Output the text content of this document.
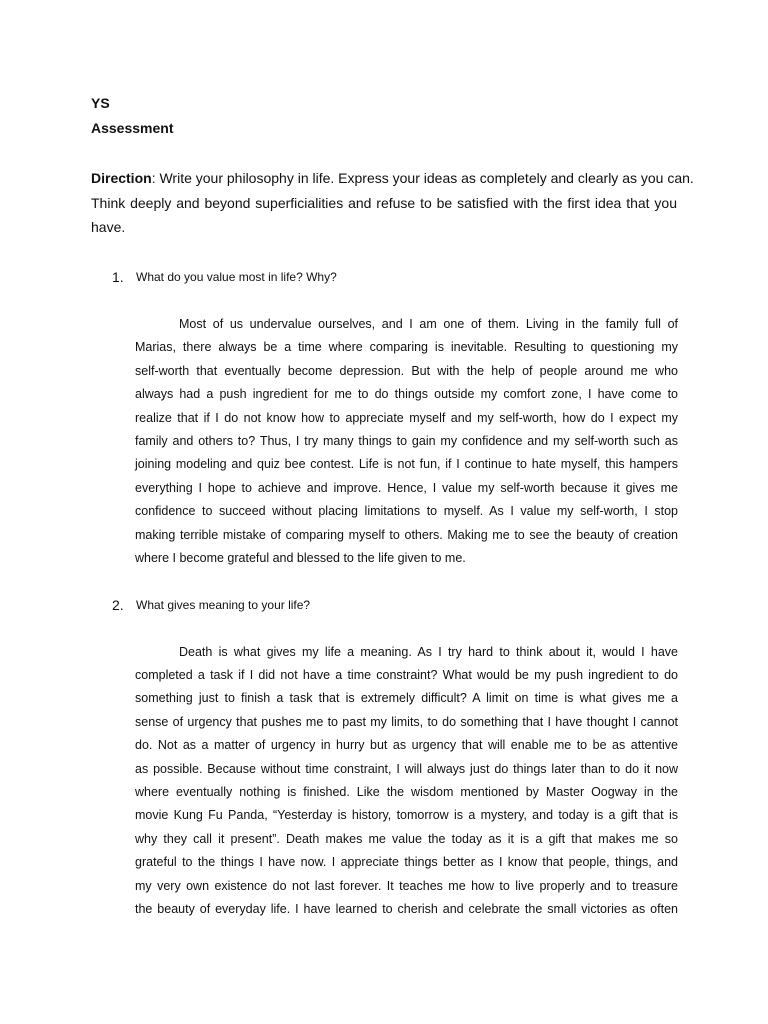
YS
Assessment
Direction: Write your philosophy in life. Express your ideas as completely and clearly as you can.
Think deeply and beyond superficialities and refuse to be satisfied with the first idea that you
have.
1. What do you value most in life? Why?
Most of us undervalue ourselves, and I am one of them. Living in the family full of
Marias, there always be a time where comparing is inevitable. Resulting to questioning my
self-worth that eventually become depression. But with the help of people around me who
always had a push ingredient for me to do things outside my comfort zone, I have come to
realize that if I do not know how to appreciate myself and my self-worth, how do I expect my
family and others to? Thus, I try many things to gain my confidence and my self-worth such as
joining modeling and quiz bee contest. Life is not fun, if I continue to hate myself, this hampers
everything I hope to achieve and improve. Hence, I value my self-worth because it gives me
confidence to succeed without placing limitations to myself. As I value my self-worth, I stop
making terrible mistake of comparing myself to others. Making me to see the beauty of creation
where I become grateful and blessed to the life given to me.
2. What gives meaning to your life?
Death is what gives my life a meaning. As I try hard to think about it, would I have
completed a task if I did not have a time constraint? What would be my push ingredient to do
something just to finish a task that is extremely difficult? A limit on time is what gives me a
sense of urgency that pushes me to past my limits, to do something that I have thought I cannot
do. Not as a matter of urgency in hurry but as urgency that will enable me to be as attentive
as possible. Because without time constraint, I will always just do things later than to do it now
where eventually nothing is finished. Like the wisdom mentioned by Master Oogway in the
movie Kung Fu Panda, “Yesterday is history, tomorrow is a mystery, and today is a gift that is
why they call it present”. Death makes me value the today as it is a gift that makes me so
grateful to the things I have now. I appreciate things better as I know that people, things, and
my very own existence do not last forever. It teaches me how to live properly and to treasure
the beauty of everyday life. I have learned to cherish and celebrate the small victories as often
